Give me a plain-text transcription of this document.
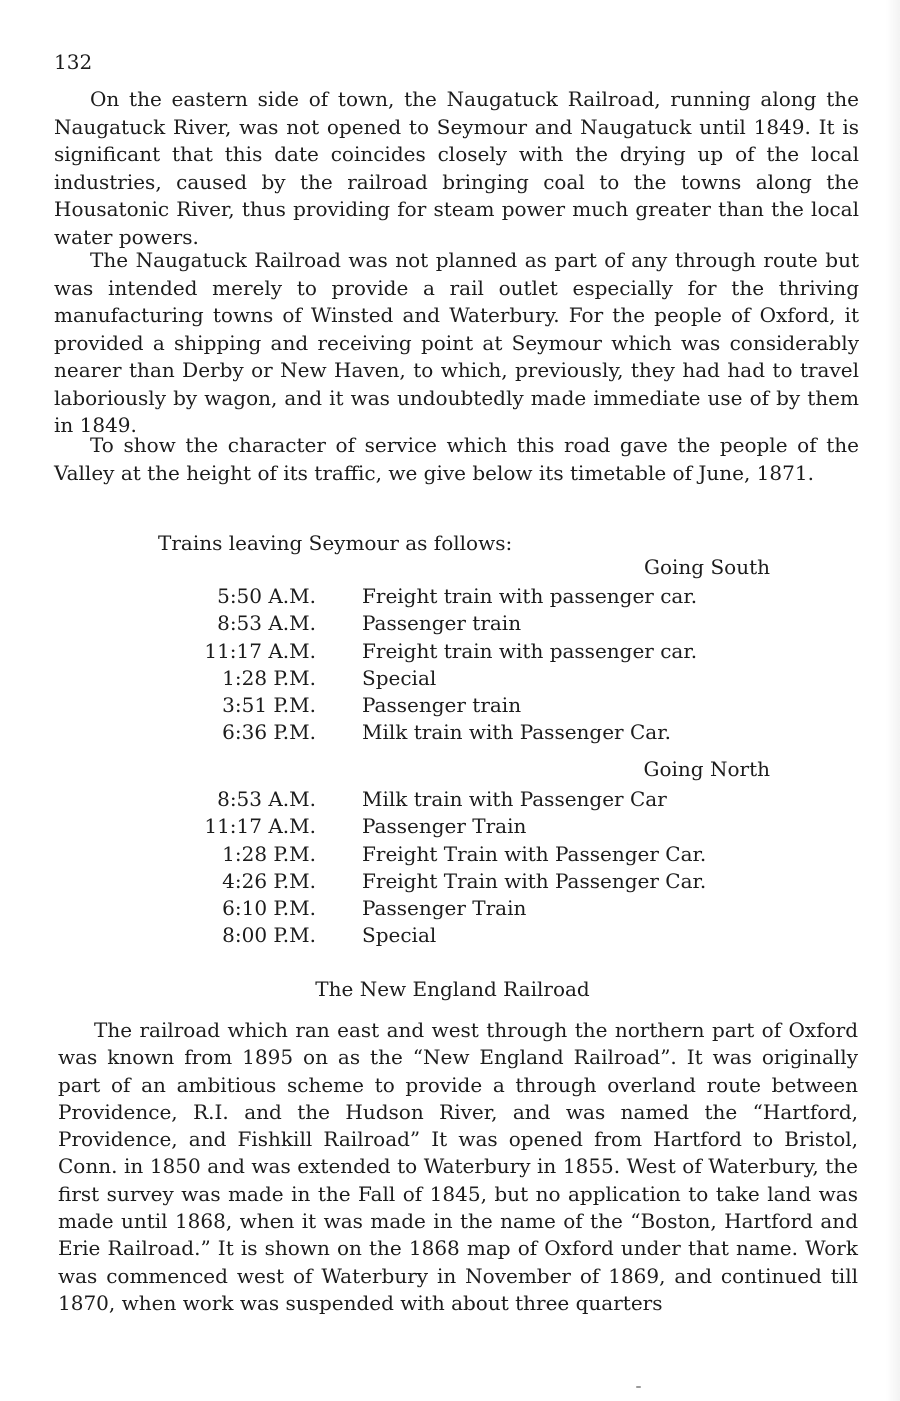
132

On the eastern side of town, the Naugatuck Railroad, running along the Naugatuck River, was not opened to Seymour and Naugatuck until 1849. It is significant that this date coincides closely with the drying up of the local industries, caused by the railroad bringing coal to the towns along the Housatonic River, thus providing for steam power much greater than the local water powers.

The Naugatuck Railroad was not planned as part of any through route but was intended merely to provide a rail outlet especially for the thriving manufacturing towns of Winsted and Waterbury. For the people of Oxford, it provided a shipping and receiving point at Seymour which was considerably nearer than Derby or New Haven, to which, previously, they had had to travel laboriously by wagon, and it was undoubtedly made immediate use of by them in 1849.

To show the character of service which this road gave the people of the Valley at the height of its traffic, we give below its timetable of June, 1871.

Trains leaving Seymour as follows:
Going South
5:50 A.M. Freight train with passenger car.
8:53 A.M. Passenger train
11:17 A.M. Freight train with passenger car.
1:28 P.M. Special
3:51 P.M. Passenger train
6:36 P.M. Milk train with Passenger Car.
Going North
8:53 A.M. Milk train with Passenger Car
11:17 A.M. Passenger Train
1:28 P.M. Freight Train with Passenger Car.
4:26 P.M. Freight Train with Passenger Car.
6:10 P.M. Passenger Train
8:00 P.M. Special
The New England Railroad

The railroad which ran east and west through the northern part of Oxford was known from 1895 on as the “New England Railroad”. It was originally part of an ambitious scheme to provide a through overland route between Providence, R.I. and the Hudson River, and was named the “Hartford, Providence, and Fishkill Railroad” It was opened from Hartford to Bristol, Conn. in 1850 and was extended to Waterbury in 1855. West of Waterbury, the first survey was made in the Fall of 1845, but no application to take land was made until 1868, when it was made in the name of the “Boston, Hartford and Erie Railroad.” It is shown on the 1868 map of Oxford under that name. Work was commenced west of Waterbury in November of 1869, and continued till 1870, when work was suspended with about three quarters
